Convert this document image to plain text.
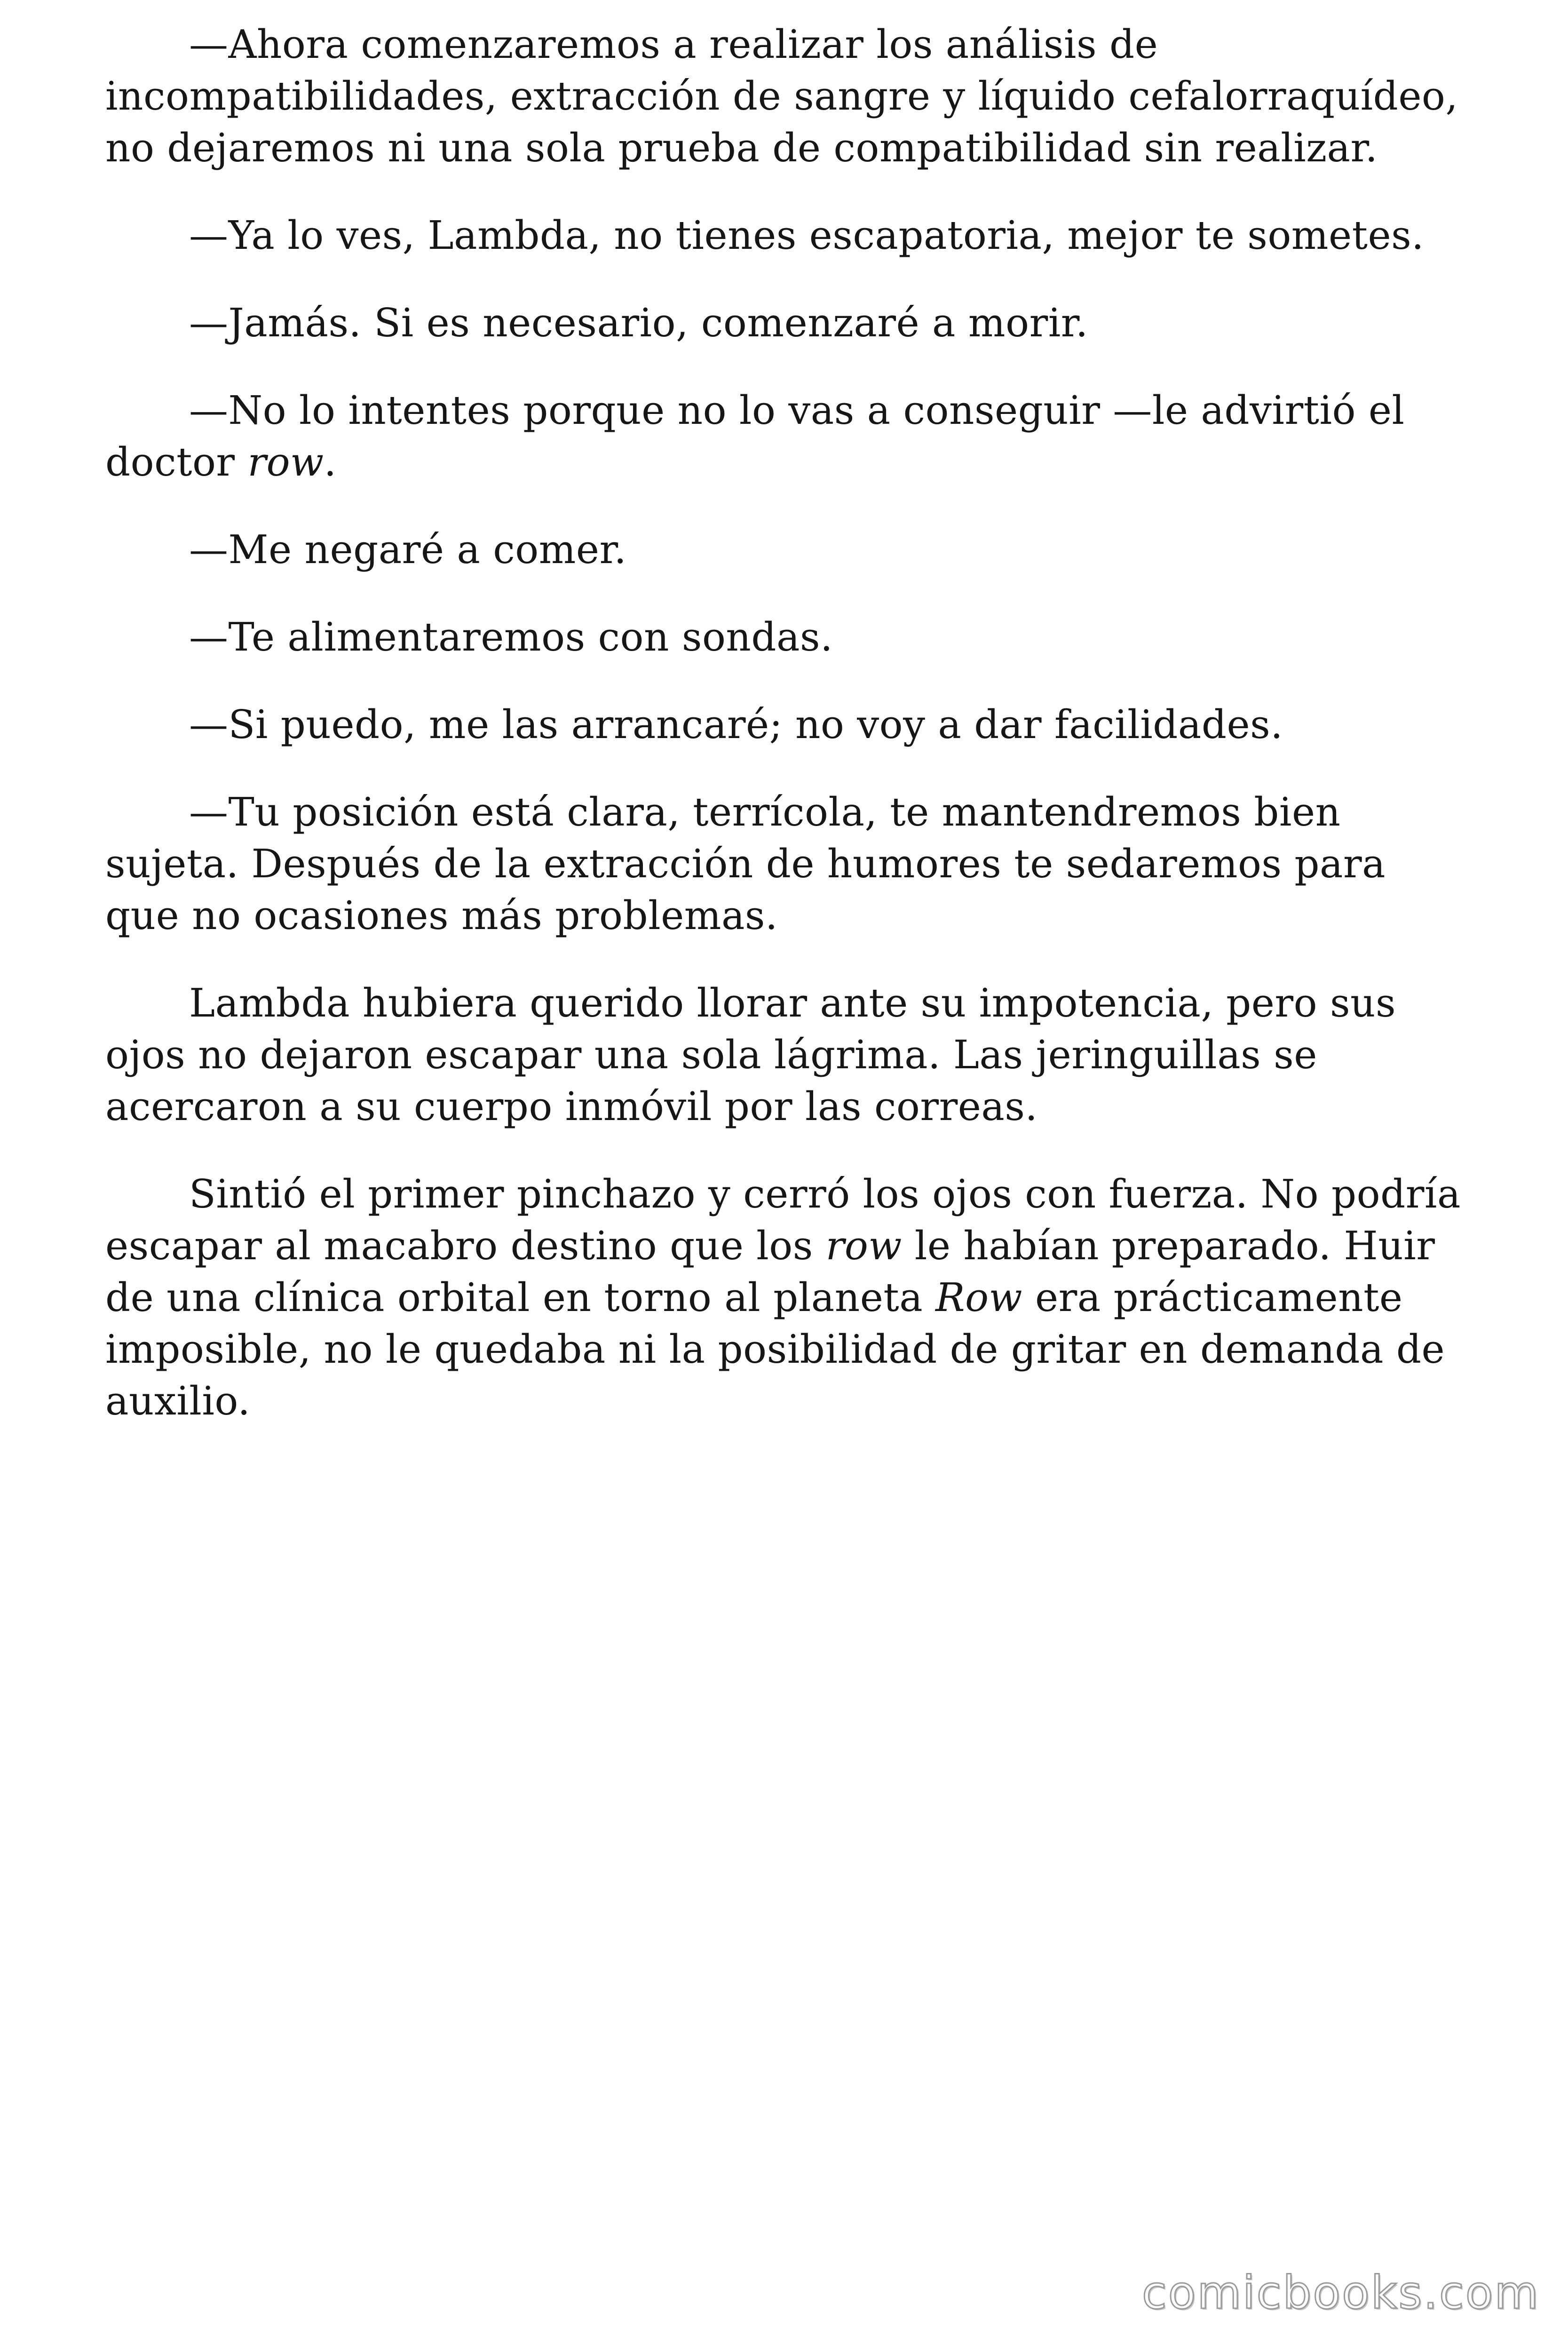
—Ahora comenzaremos a realizar los análisis de incompatibilidades, extracción de sangre y líquido cefalorraquídeo, no dejaremos ni una sola prueba de compatibilidad sin realizar.

—Ya lo ves, Lambda, no tienes escapatoria, mejor te sometes.

—Jamás. Si es necesario, comenzaré a morir.

—No lo intentes porque no lo vas a conseguir —le advirtió el doctor row.

—Me negaré a comer.

—Te alimentaremos con sondas.

—Si puedo, me las arrancaré; no voy a dar facilidades.

—Tu posición está clara, terrícola, te mantendremos bien sujeta. Después de la extracción de humores te sedaremos para que no ocasiones más problemas.

Lambda hubiera querido llorar ante su impotencia, pero sus ojos no dejaron escapar una sola lágrima. Las jeringuillas se acercaron a su cuerpo inmóvil por las correas.

Sintió el primer pinchazo y cerró los ojos con fuerza. No podría escapar al macabro destino que los row le habían preparado. Huir de una clínica orbital en torno al planeta Row era prácticamente imposible, no le quedaba ni la posibilidad de gritar en demanda de auxilio.

comicbooks.com
